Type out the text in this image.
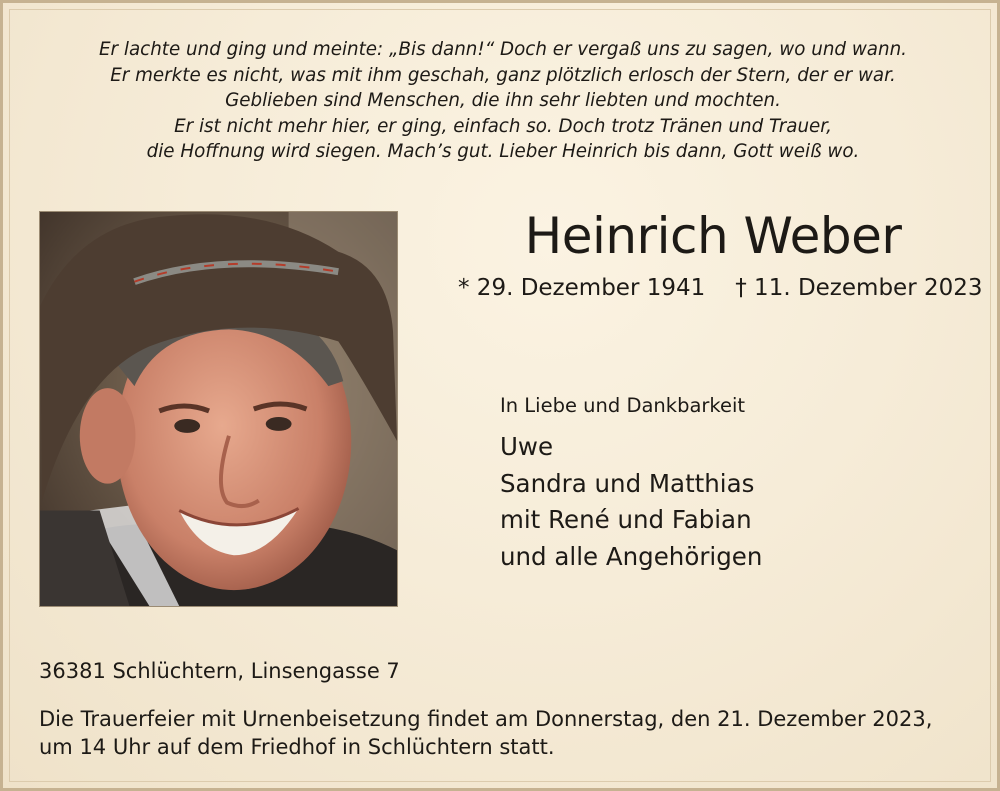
Er lachte und ging und meinte: „Bis dann!“ Doch er vergaß uns zu sagen, wo und wann.
Er merkte es nicht, was mit ihm geschah, ganz plötzlich erlosch der Stern, der er war.
Geblieben sind Menschen, die ihn sehr liebten und mochten.
Er ist nicht mehr hier, er ging, einfach so. Doch trotz Tränen und Trauer,
die Hoffnung wird siegen. Mach’s gut. Lieber Heinrich bis dann, Gott weiß wo.
Heinrich Weber
* 29. Dezember 1941 † 11. Dezember 2023
In Liebe und Dankbarkeit
Uwe
Sandra und Matthias
mit René und Fabian
und alle Angehörigen
36381 Schlüchtern, Linsengasse 7
Die Trauerfeier mit Urnenbeisetzung findet am Donnerstag, den 21. Dezember 2023,
um 14 Uhr auf dem Friedhof in Schlüchtern statt.
